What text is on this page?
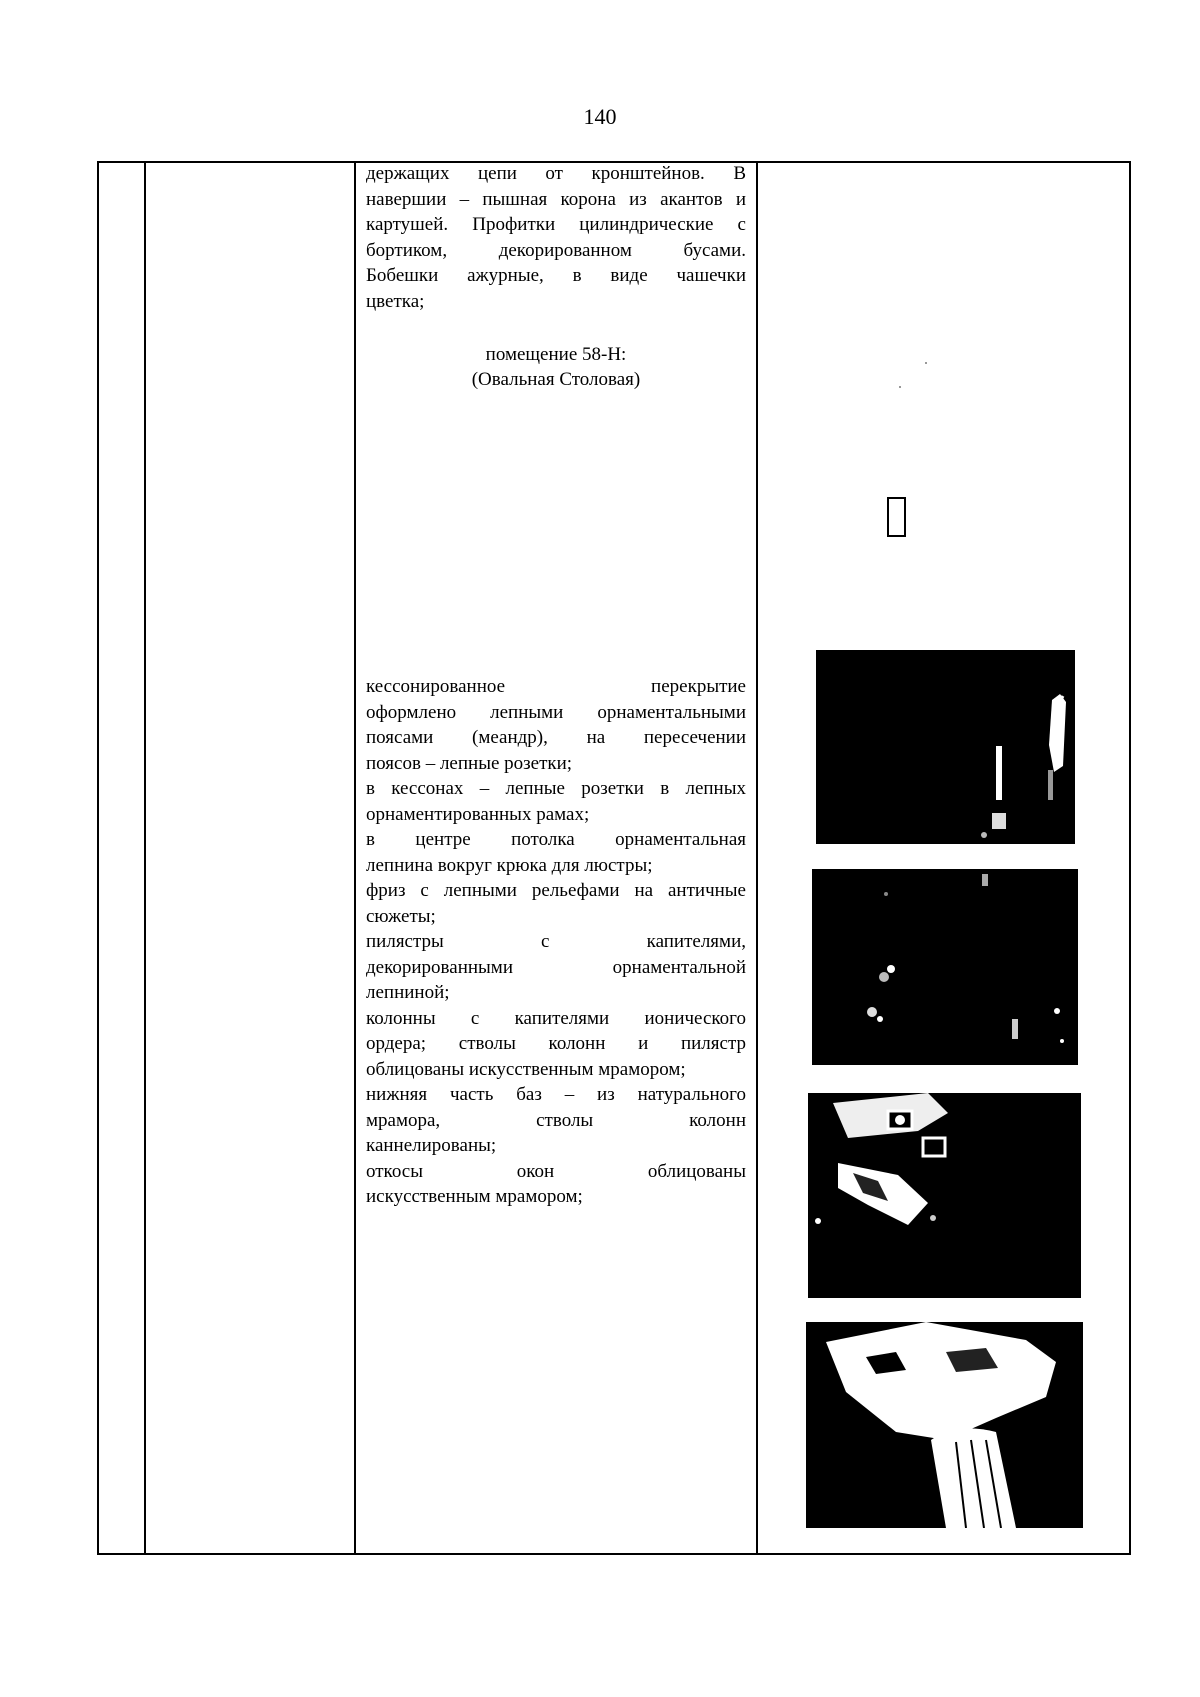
140

держащих цепи от кронштейнов. В

навершии – пышная корона из акантов и

картушей. Профитки цилиндрические с

бортиком, декорированном бусами.

Бобешки ажурные, в виде чашечки

цветка;

помещение 58-Н:
(Овальная Столовая)

кессонированное перекрытие

оформлено лепными орнаментальными

поясами (меандр), на пересечении

поясов – лепные розетки;

в кессонах – лепные розетки в лепных

орнаментированных рамах;

в центре потолка орнаментальная

лепнина вокруг крюка для люстры;

фриз с лепными рельефами на античные

сюжеты;

пилястры с капителями,

декорированными орнаментальной

лепниной;

колонны с капителями ионического

ордера; стволы колонн и пилястр

облицованы искусственным мрамором;

нижняя часть баз – из натурального

мрамора, стволы колонн

каннелированы;

откосы окон облицованы

искусственным мрамором;
